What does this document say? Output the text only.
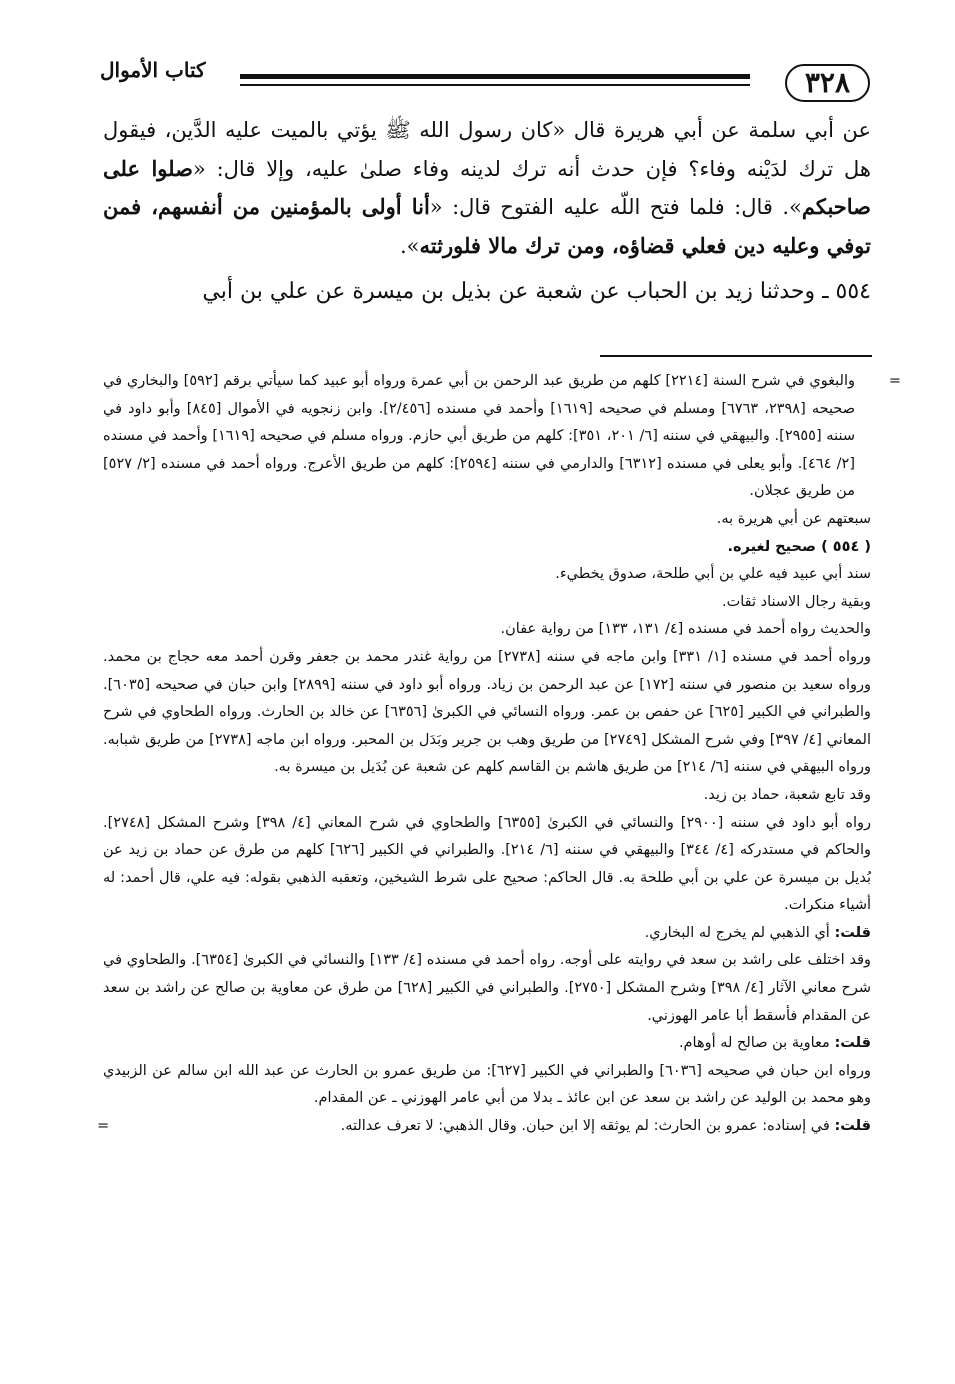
٣٢٨
كتاب الأموال

عن أبي سلمة عن أبي هريرة قال «كان رسول الله ﷺ يؤتي بالميت عليه الدَّين، فيقول هل ترك لدَيْنه وفاء؟ فإن حدث أنه ترك لدينه وفاء صلىٰ عليه، وإلا قال: «صلوا على صاحبكم». قال: فلما فتح اللّه عليه الفتوح قال: «أنا أولى بالمؤمنين من أنفسهم، فمن توفي وعليه دين فعلي قضاؤه، ومن ترك مالا فلورثته».

٥٥٤ ـ وحدثنا زيد بن الحباب عن شعبة عن بذيل بن ميسرة عن علي بن أبي

=
والبغوي في شرح السنة [٢٢١٤] كلهم من طريق عبد الرحمن بن أبي عمرة ورواه أبو عبيد كما سيأتي برقم [٥٩٢] والبخاري في صحيحه [٢٣٩٨، ٦٧٦٣] ومسلم في صحيحه [١٦١٩] وأحمد في مسنده [٢/٤٥٦]. وابن زنجويه في الأموال [٨٤٥] وأبو داود في سننه [٢٩٥٥]. والبيهقي في سننه [٦/ ٢٠١، ٣٥١]: كلهم من طريق أبي حازم. ورواه مسلم في صحيحه [١٦١٩] وأحمد في مسنده [٢/ ٤٦٤]. وأبو يعلى في مسنده [٦٣١٢] والدارمي في سننه [٢٥٩٤]: كلهم من طريق الأعرج. ورواه أحمد في مسنده [٢/ ٥٢٧] من طريق عجلان.

سبعتهم عن أبي هريرة به.

( ٥٥٤ ) صحيح لغيره.

سند أبي عبيد فيه علي بن أبي طلحة، صدوق يخطيء.

وبقية رجال الاسناد ثقات.

والحديث رواه أحمد في مسنده [٤/ ١٣١، ١٣٣] من رواية عفان.

ورواه أحمد في مسنده [١/ ٣٣١] وابن ماجه في سننه [٢٧٣٨] من رواية غندر محمد بن جعفر وقرن أحمد معه حجاج بن محمد. ورواه سعيد بن منصور في سننه [١٧٢] عن عبد الرحمن بن زياد. ورواه أبو داود في سننه [٢٨٩٩] وابن حبان في صحيحه [٦٠٣٥]. والطبراني في الكبير [٦٢٥] عن حفص بن عمر. ورواه النسائي في الكبرىٰ [٦٣٥٦] عن خالد بن الحارث. ورواه الطحاوي في شرح المعاني [٤/ ٣٩٧] وفي شرح المشكل [٢٧٤٩] من طريق وهب بن جرير وبَدَل بن المحبر. ورواه ابن ماجه [٢٧٣٨] من طريق شبابه. ورواه البيهقي في سننه [٦/ ٢١٤] من طريق هاشم بن القاسم كلهم عن شعبة عن بُدَيل بن ميسرة به.

وقد تابع شعبة، حماد بن زيد.

رواه أبو داود في سننه [٢٩٠٠] والنسائي في الكبرىٰ [٦٣٥٥] والطحاوي في شرح المعاني [٤/ ٣٩٨] وشرح المشكل [٢٧٤٨]. والحاكم في مستدركه [٤/ ٣٤٤] والبيهقي في سننه [٦/ ٢١٤]. والطبراني في الكبير [٦٢٦] كلهم من طرق عن حماد بن زيد عن بُديل بن ميسرة عن علي بن أبي طلحة به. قال الحاكم: صحيح على شرط الشيخين، وتعقبه الذهبي بقوله: فيه علي، قال أحمد: له أشياء منكرات.

قلت: أي الذهبي لم يخرج له البخاري.

وقد اختلف على راشد بن سعد في روايته على أوجه. رواه أحمد في مسنده [٤/ ١٣٣] والنسائي في الكبرىٰ [٦٣٥٤]. والطحاوي في شرح معاني الآثار [٤/ ٣٩٨] وشرح المشكل [٢٧٥٠]. والطبراني في الكبير [٦٢٨] من طرق عن معاوية بن صالح عن راشد بن سعد عن المقدام فأسقط أبا عامر الهوزني.

قلت: معاوية بن صالح له أوهام.

ورواه ابن حبان في صحيحه [٦٠٣٦] والطبراني في الكبير [٦٢٧]: من طريق عمرو بن الحارث عن عبد الله ابن سالم عن الزبيدي وهو محمد بن الوليد عن راشد بن سعد عن ابن عائذ ـ بدلا من أبي عامر الهوزني ـ عن المقدام.

قلت: في إسناده: عمرو بن الحارث: لم يوثقه إلا ابن حبان. وقال الذهبي: لا تعرف عدالته.
=
